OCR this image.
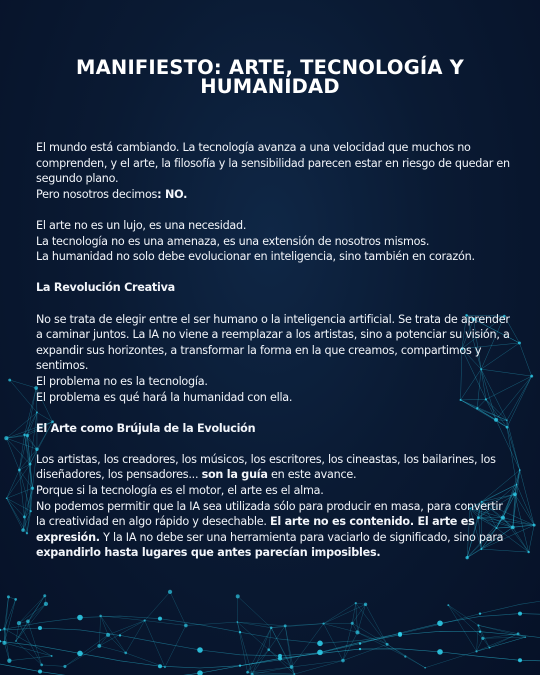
MANIFIESTO: ARTE, TECNOLOGÍA Y HUMANIDAD

El mundo está cambiando. La tecnología avanza a una velocidad que muchos no comprenden, y el arte, la filosofía y la sensibilidad parecen estar en riesgo de quedar en segundo plano.

Pero nosotros decimos: NO.

El arte no es un lujo, es una necesidad.

La tecnología no es una amenaza, es una extensión de nosotros mismos.

La humanidad no solo debe evolucionar en inteligencia, sino también en corazón.

La Revolución Creativa

No se trata de elegir entre el ser humano o la inteligencia artificial. Se trata de aprender a caminar juntos. La IA no viene a reemplazar a los artistas, sino a potenciar su visión, a expandir sus horizontes, a transformar la forma en la que creamos, compartimos y sentimos.

El problema no es la tecnología.

El problema es qué hará la humanidad con ella.

El Arte como Brújula de la Evolución

Los artistas, los creadores, los músicos, los escritores, los cineastas, los bailarines, los diseñadores, los pensadores... son la guía en este avance.

Porque si la tecnología es el motor, el arte es el alma.

No podemos permitir que la IA sea utilizada sólo para producir en masa, para convertir la creatividad en algo rápido y desechable. El arte no es contenido. El arte es expresión. Y la IA no debe ser una herramienta para vaciarlo de significado, sino para expandirlo hasta lugares que antes parecían imposibles.
